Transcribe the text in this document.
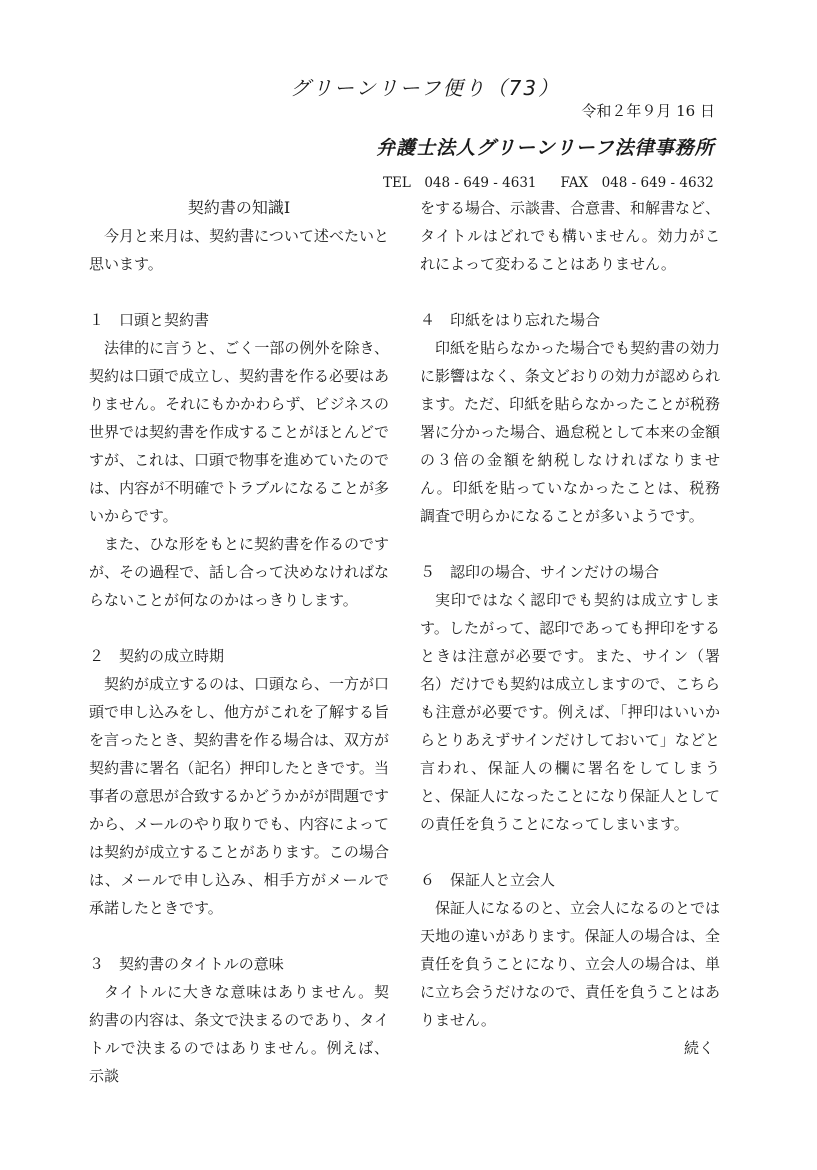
グリーンリーフ便り（73）
令和２年９月 16 日
弁護士法人グリーンリーフ法律事務所
TEL　048 - 649 - 4631 FAX　048 - 649 - 4632

契約書の知識Ⅰ

今月と来月は、契約書について述べたいと思います。

１　口頭と契約書

法律的に言うと、ごく一部の例外を除き、契約は口頭で成立し、契約書を作る必要はありません。それにもかかわらず、ビジネスの世界では契約書を作成することがほとんどですが、これは、口頭で物事を進めていたのでは、内容が不明確でトラブルになることが多いからです。

また、ひな形をもとに契約書を作るのですが、その過程で、話し合って決めなければならないことが何なのかはっきりします。

２　契約の成立時期

契約が成立するのは、口頭なら、一方が口頭で申し込みをし、他方がこれを了解する旨を言ったとき、契約書を作る場合は、双方が契約書に署名（記名）押印したときです。当事者の意思が合致するかどうかがが問題ですから、メールのやり取りでも、内容によっては契約が成立することがあります。この場合は、メールで申し込み、相手方がメールで承諾したときです。

３　契約書のタイトルの意味

タイトルに大きな意味はありません。契約書の内容は、条文で決まるのであり、タイトルで決まるのではありません。例えば、示談

をする場合、示談書、合意書、和解書など、タイトルはどれでも構いません。効力がこれによって変わることはありません。

４　印紙をはり忘れた場合

印紙を貼らなかった場合でも契約書の効力に影響はなく、条文どおりの効力が認められます。ただ、印紙を貼らなかったことが税務署に分かった場合、過怠税として本来の金額の３倍の金額を納税しなければなりません。印紙を貼っていなかったことは、税務調査で明らかになることが多いようです。

５　認印の場合、サインだけの場合

実印ではなく認印でも契約は成立すします。したがって、認印であっても押印をするときは注意が必要です。また、サイン（署名）だけでも契約は成立しますので、こちらも注意が必要です。例えば、「押印はいいからとりあえずサインだけしておいて」などと言われ、保証人の欄に署名をしてしまうと、保証人になったことになり保証人としての責任を負うことになってしまいます。

６　保証人と立会人

保証人になるのと、立会人になるのとでは天地の違いがあります。保証人の場合は、全責任を負うことになり、立会人の場合は、単に立ち会うだけなので、責任を負うことはありません。

続く
